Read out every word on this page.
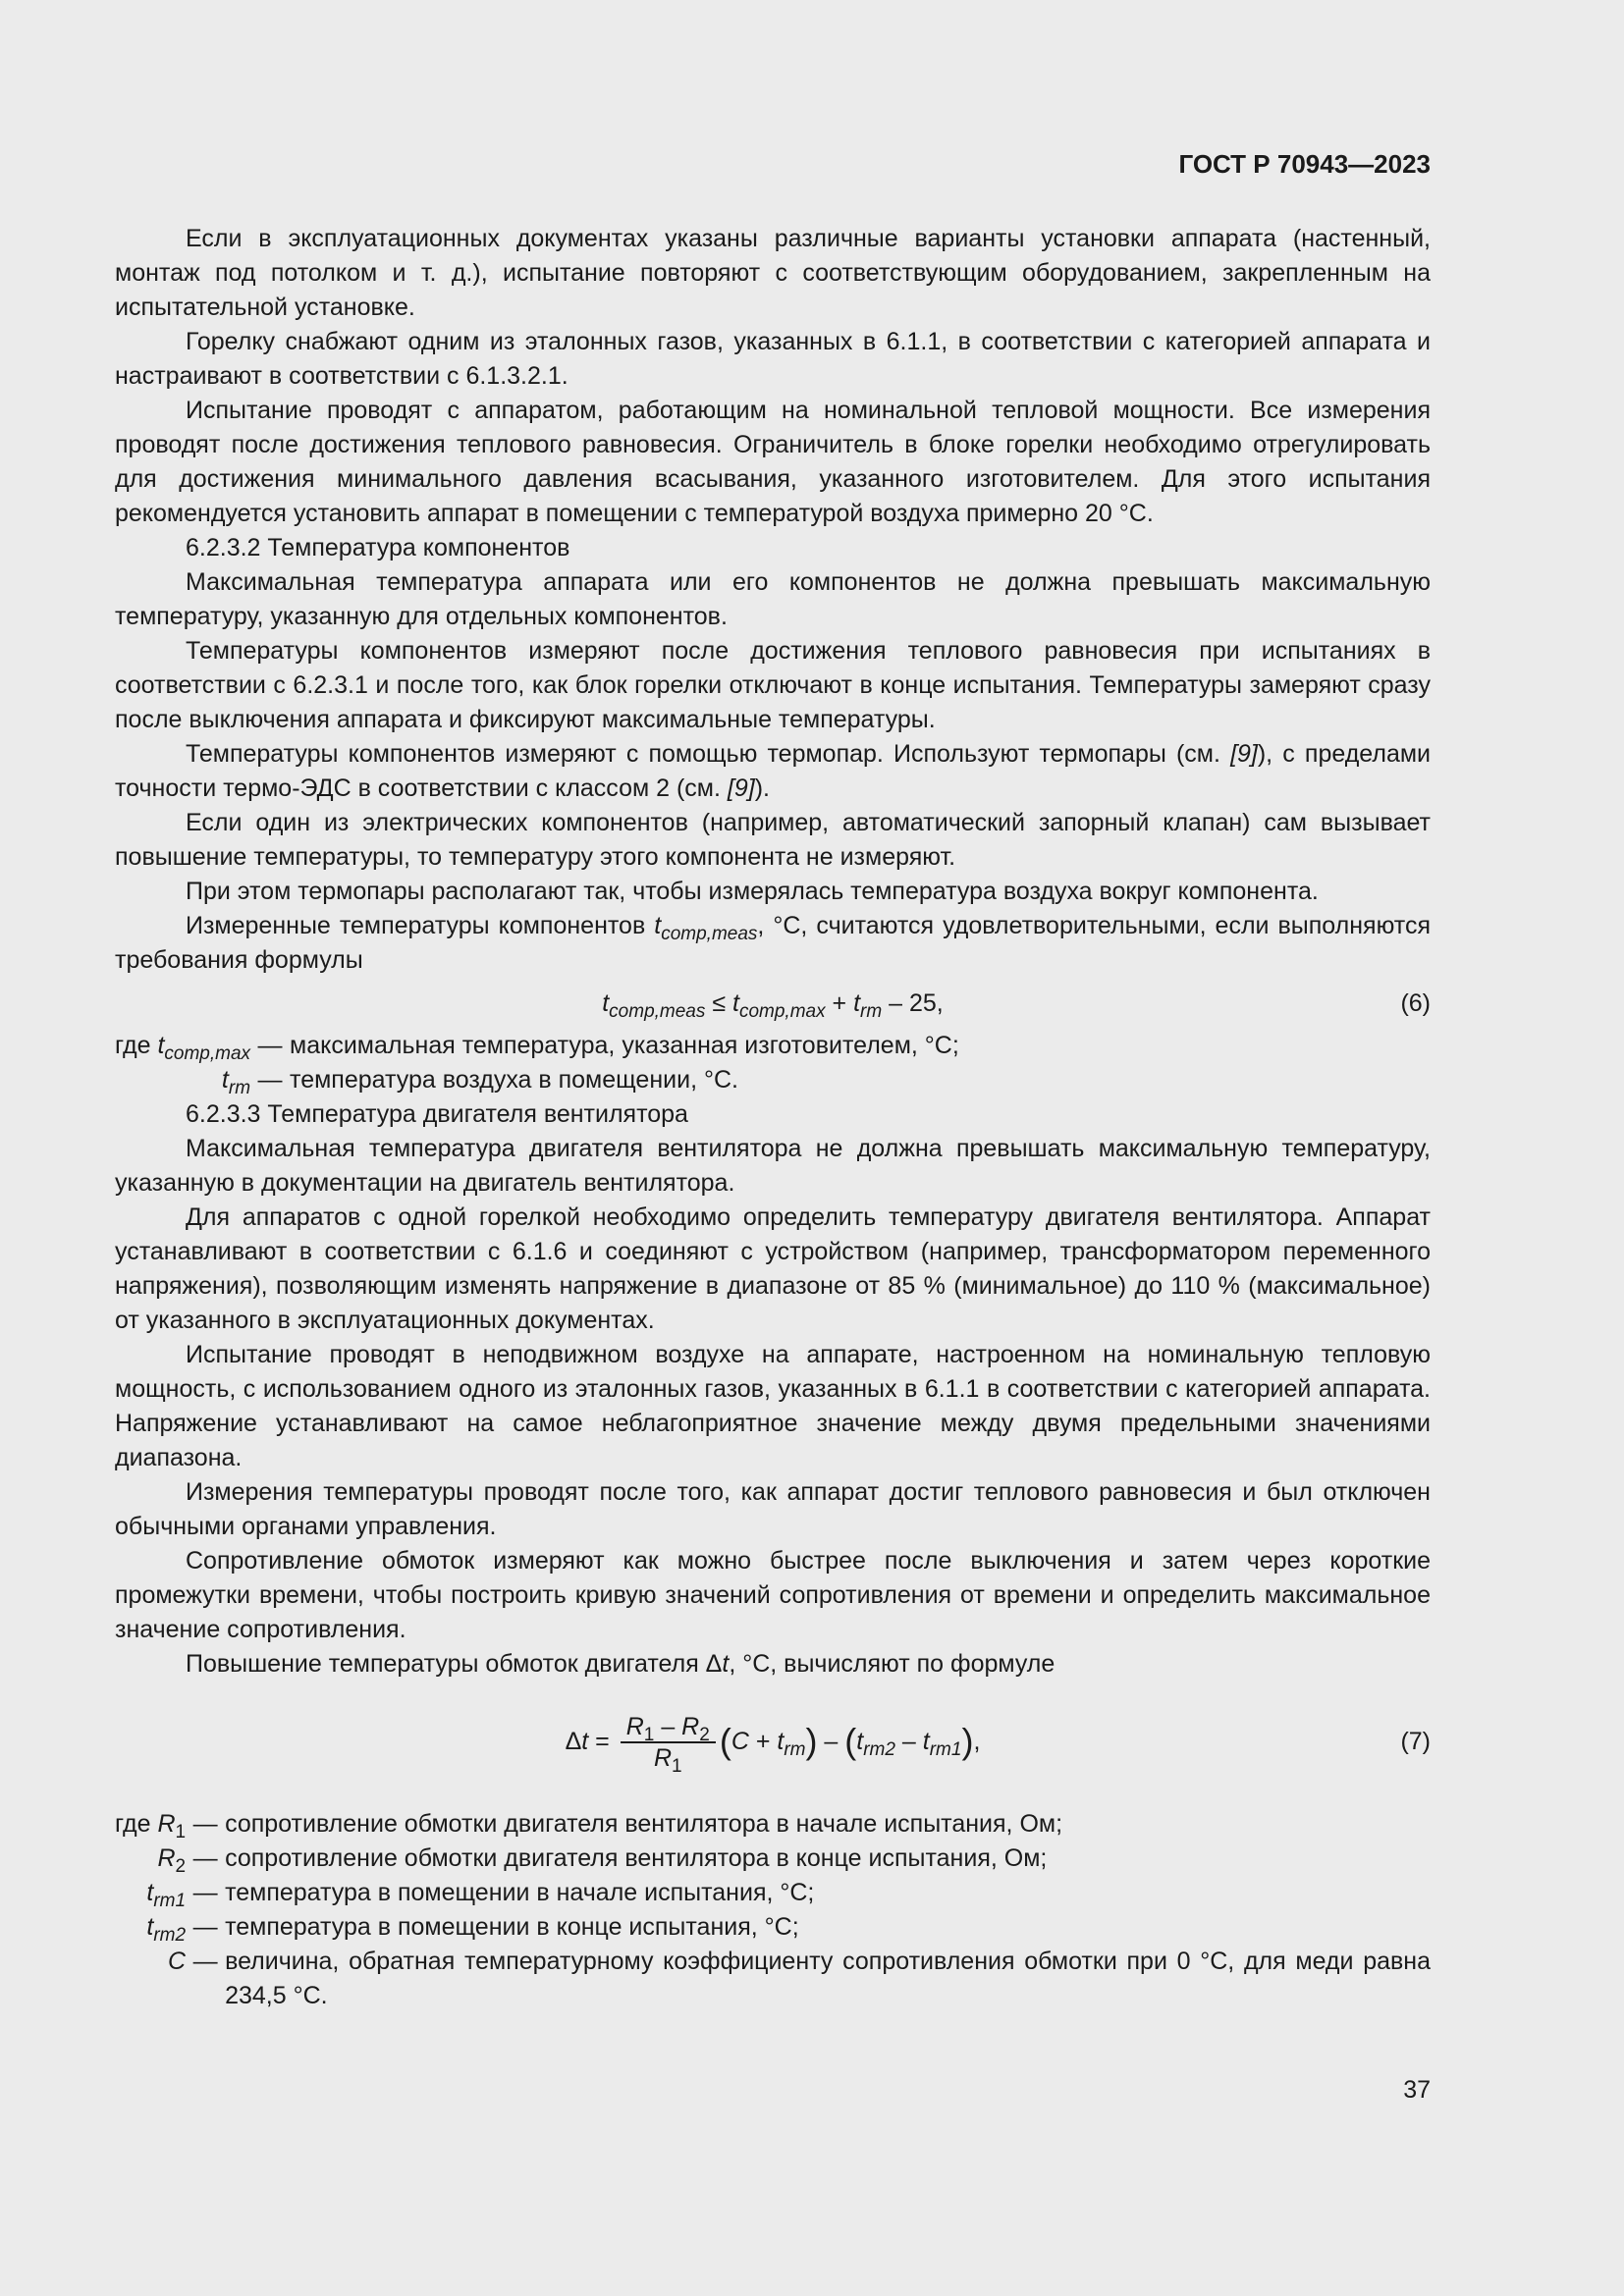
ГОСТ Р 70943—2023

Если в эксплуатационных документах указаны различные варианты установки аппарата (настенный, монтаж под потолком и т. д.), испытание повторяют с соответствующим оборудованием, закрепленным на испытательной установке.

Горелку снабжают одним из эталонных газов, указанных в 6.1.1, в соответствии с категорией аппарата и настраивают в соответствии с 6.1.3.2.1.

Испытание проводят с аппаратом, работающим на номинальной тепловой мощности. Все измерения проводят после достижения теплового равновесия. Ограничитель в блоке горелки необходимо отрегулировать для достижения минимального давления всасывания, указанного изготовителем. Для этого испытания рекомендуется установить аппарат в помещении с температурой воздуха примерно 20 °С.

6.2.3.2 Температура компонентов

Максимальная температура аппарата или его компонентов не должна превышать максимальную температуру, указанную для отдельных компонентов.

Температуры компонентов измеряют после достижения теплового равновесия при испытаниях в соответствии с 6.2.3.1 и после того, как блок горелки отключают в конце испытания. Температуры замеряют сразу после выключения аппарата и фиксируют максимальные температуры.

Температуры компонентов измеряют с помощью термопар. Используют термопары (см. [9]), с пределами точности термо-ЭДС в соответствии с классом 2 (см. [9]).

Если один из электрических компонентов (например, автоматический запорный клапан) сам вызывает повышение температуры, то температуру этого компонента не измеряют.

При этом термопары располагают так, чтобы измерялась температура воздуха вокруг компонента.

Измеренные температуры компонентов $t_{comp,meas}$, °С, считаются удовлетворительными, если выполняются требования формулы

$t_{comp,meas} \le t_{comp,max} + t_{rm} - 25$,	(6)
где $t_{comp,max}$	—	максимальная температура, указанная изготовителем, °С;
$t_{rm}$	—	температура воздуха в помещении, °С.

6.2.3.3 Температура двигателя вентилятора

Максимальная температура двигателя вентилятора не должна превышать максимальную температуру, указанную в документации на двигатель вентилятора.

Для аппаратов с одной горелкой необходимо определить температуру двигателя вентилятора. Аппарат устанавливают в соответствии с 6.1.6 и соединяют с устройством (например, трансформатором переменного напряжения), позволяющим изменять напряжение в диапазоне от 85 % (минимальное) до 110 % (максимальное) от указанного в эксплуатационных документах.

Испытание проводят в неподвижном воздухе на аппарате, настроенном на номинальную тепловую мощность, с использованием одного из эталонных газов, указанных в 6.1.1 в соответствии с категорией аппарата. Напряжение устанавливают на самое неблагоприятное значение между двумя предельными значениями диапазона.

Измерения температуры проводят после того, как аппарат достиг теплового равновесия и был отключен обычными органами управления.

Сопротивление обмоток измеряют как можно быстрее после выключения и затем через короткие промежутки времени, чтобы построить кривую значений сопротивления от времени и определить максимальное значение сопротивления.

Повышение температуры обмоток двигателя Δt, °С, вычисляют по формуле

$\Delta t = \frac{R_1 - R_2}{R_1} (C + t_{rm}) - (t_{rm2} - t_{rm1})$,	(7)
где $R_1$	—	сопротивление обмотки двигателя вентилятора в начале испытания, Ом;
$R_2$	—	сопротивление обмотки двигателя вентилятора в конце испытания, Ом;
$t_{rm1}$	—	температура в помещении в начале испытания, °С;
$t_{rm2}$	—	температура в помещении в конце испытания, °С;
C	—	величина, обратная температурному коэффициенту сопротивления обмотки при 0 °С, для меди равна 234,5 °С.
37
